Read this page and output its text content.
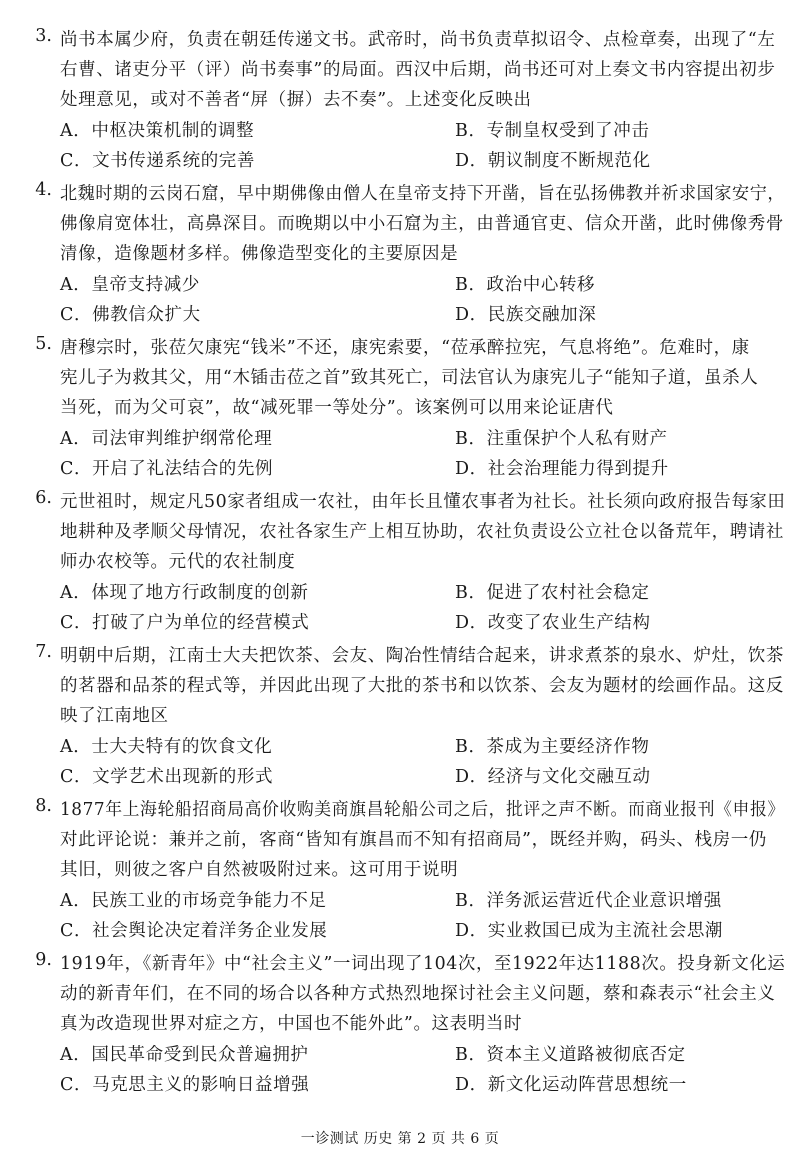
3. 尚书本属少府，负责在朝廷传递文书。武帝时，尚书负责草拟诏令、点检章奏，出现了“左
右曹、诸吏分平（评）尚书奏事”的局面。西汉中后期，尚书还可对上奏文书内容提出初步
处理意见，或对不善者“屏（摒）去不奏”。上述变化反映出
A．中枢决策机制的调整	B．专制皇权受到了冲击
C．文书传递系统的完善	D．朝议制度不断规范化
4. 北魏时期的云岗石窟，早中期佛像由僧人在皇帝支持下开凿，旨在弘扬佛教并祈求国家安宁，
佛像肩宽体壮，高鼻深目。而晚期以中小石窟为主，由普通官吏、信众开凿，此时佛像秀骨
清像，造像题材多样。佛像造型变化的主要原因是
A．皇帝支持减少	B．政治中心转移
C．佛教信众扩大	D．民族交融加深
5. 唐穆宗时，张莅欠康宪“钱米”不还，康宪索要，“莅承醉拉宪，气息将绝”。危难时，康
宪儿子为救其父，用“木锸击莅之首”致其死亡，司法官认为康宪儿子“能知子道，虽杀人
当死，而为父可哀”，故“减死罪一等处分”。该案例可以用来论证唐代
A．司法审判维护纲常伦理	B．注重保护个人私有财产
C．开启了礼法结合的先例	D．社会治理能力得到提升
6. 元世祖时，规定凡50家者组成一农社，由年长且懂农事者为社长。社长须向政府报告每家田
地耕种及孝顺父母情况，农社各家生产上相互协助，农社负责设公立社仓以备荒年，聘请社
师办农校等。元代的农社制度
A．体现了地方行政制度的创新	B．促进了农村社会稳定
C．打破了户为单位的经营模式	D．改变了农业生产结构
7. 明朝中后期，江南士大夫把饮茶、会友、陶冶性情结合起来，讲求煮茶的泉水、炉灶，饮茶
的茗器和品茶的程式等，并因此出现了大批的茶书和以饮茶、会友为题材的绘画作品。这反
映了江南地区
A．士大夫特有的饮食文化	B．茶成为主要经济作物
C．文学艺术出现新的形式	D．经济与文化交融互动
8. 1877年上海轮船招商局高价收购美商旗昌轮船公司之后，批评之声不断。而商业报刊《申报》
对此评论说：兼并之前，客商“皆知有旗昌而不知有招商局”，既经并购，码头、栈房一仍
其旧，则彼之客户自然被吸附过来。这可用于说明
A．民族工业的市场竞争能力不足	B．洋务派运营近代企业意识增强
C．社会舆论决定着洋务企业发展	D．实业救国已成为主流社会思潮
9. 1919年，《新青年》中“社会主义”一词出现了104次，至1922年达1188次。投身新文化运
动的新青年们，在不同的场合以各种方式热烈地探讨社会主义问题，蔡和森表示“社会主义
真为改造现世界对症之方，中国也不能外此”。这表明当时
A．国民革命受到民众普遍拥护	B．资本主义道路被彻底否定
C．马克思主义的影响日益增强	D．新文化运动阵营思想统一
一诊测试 历史 第 2 页 共 6 页
